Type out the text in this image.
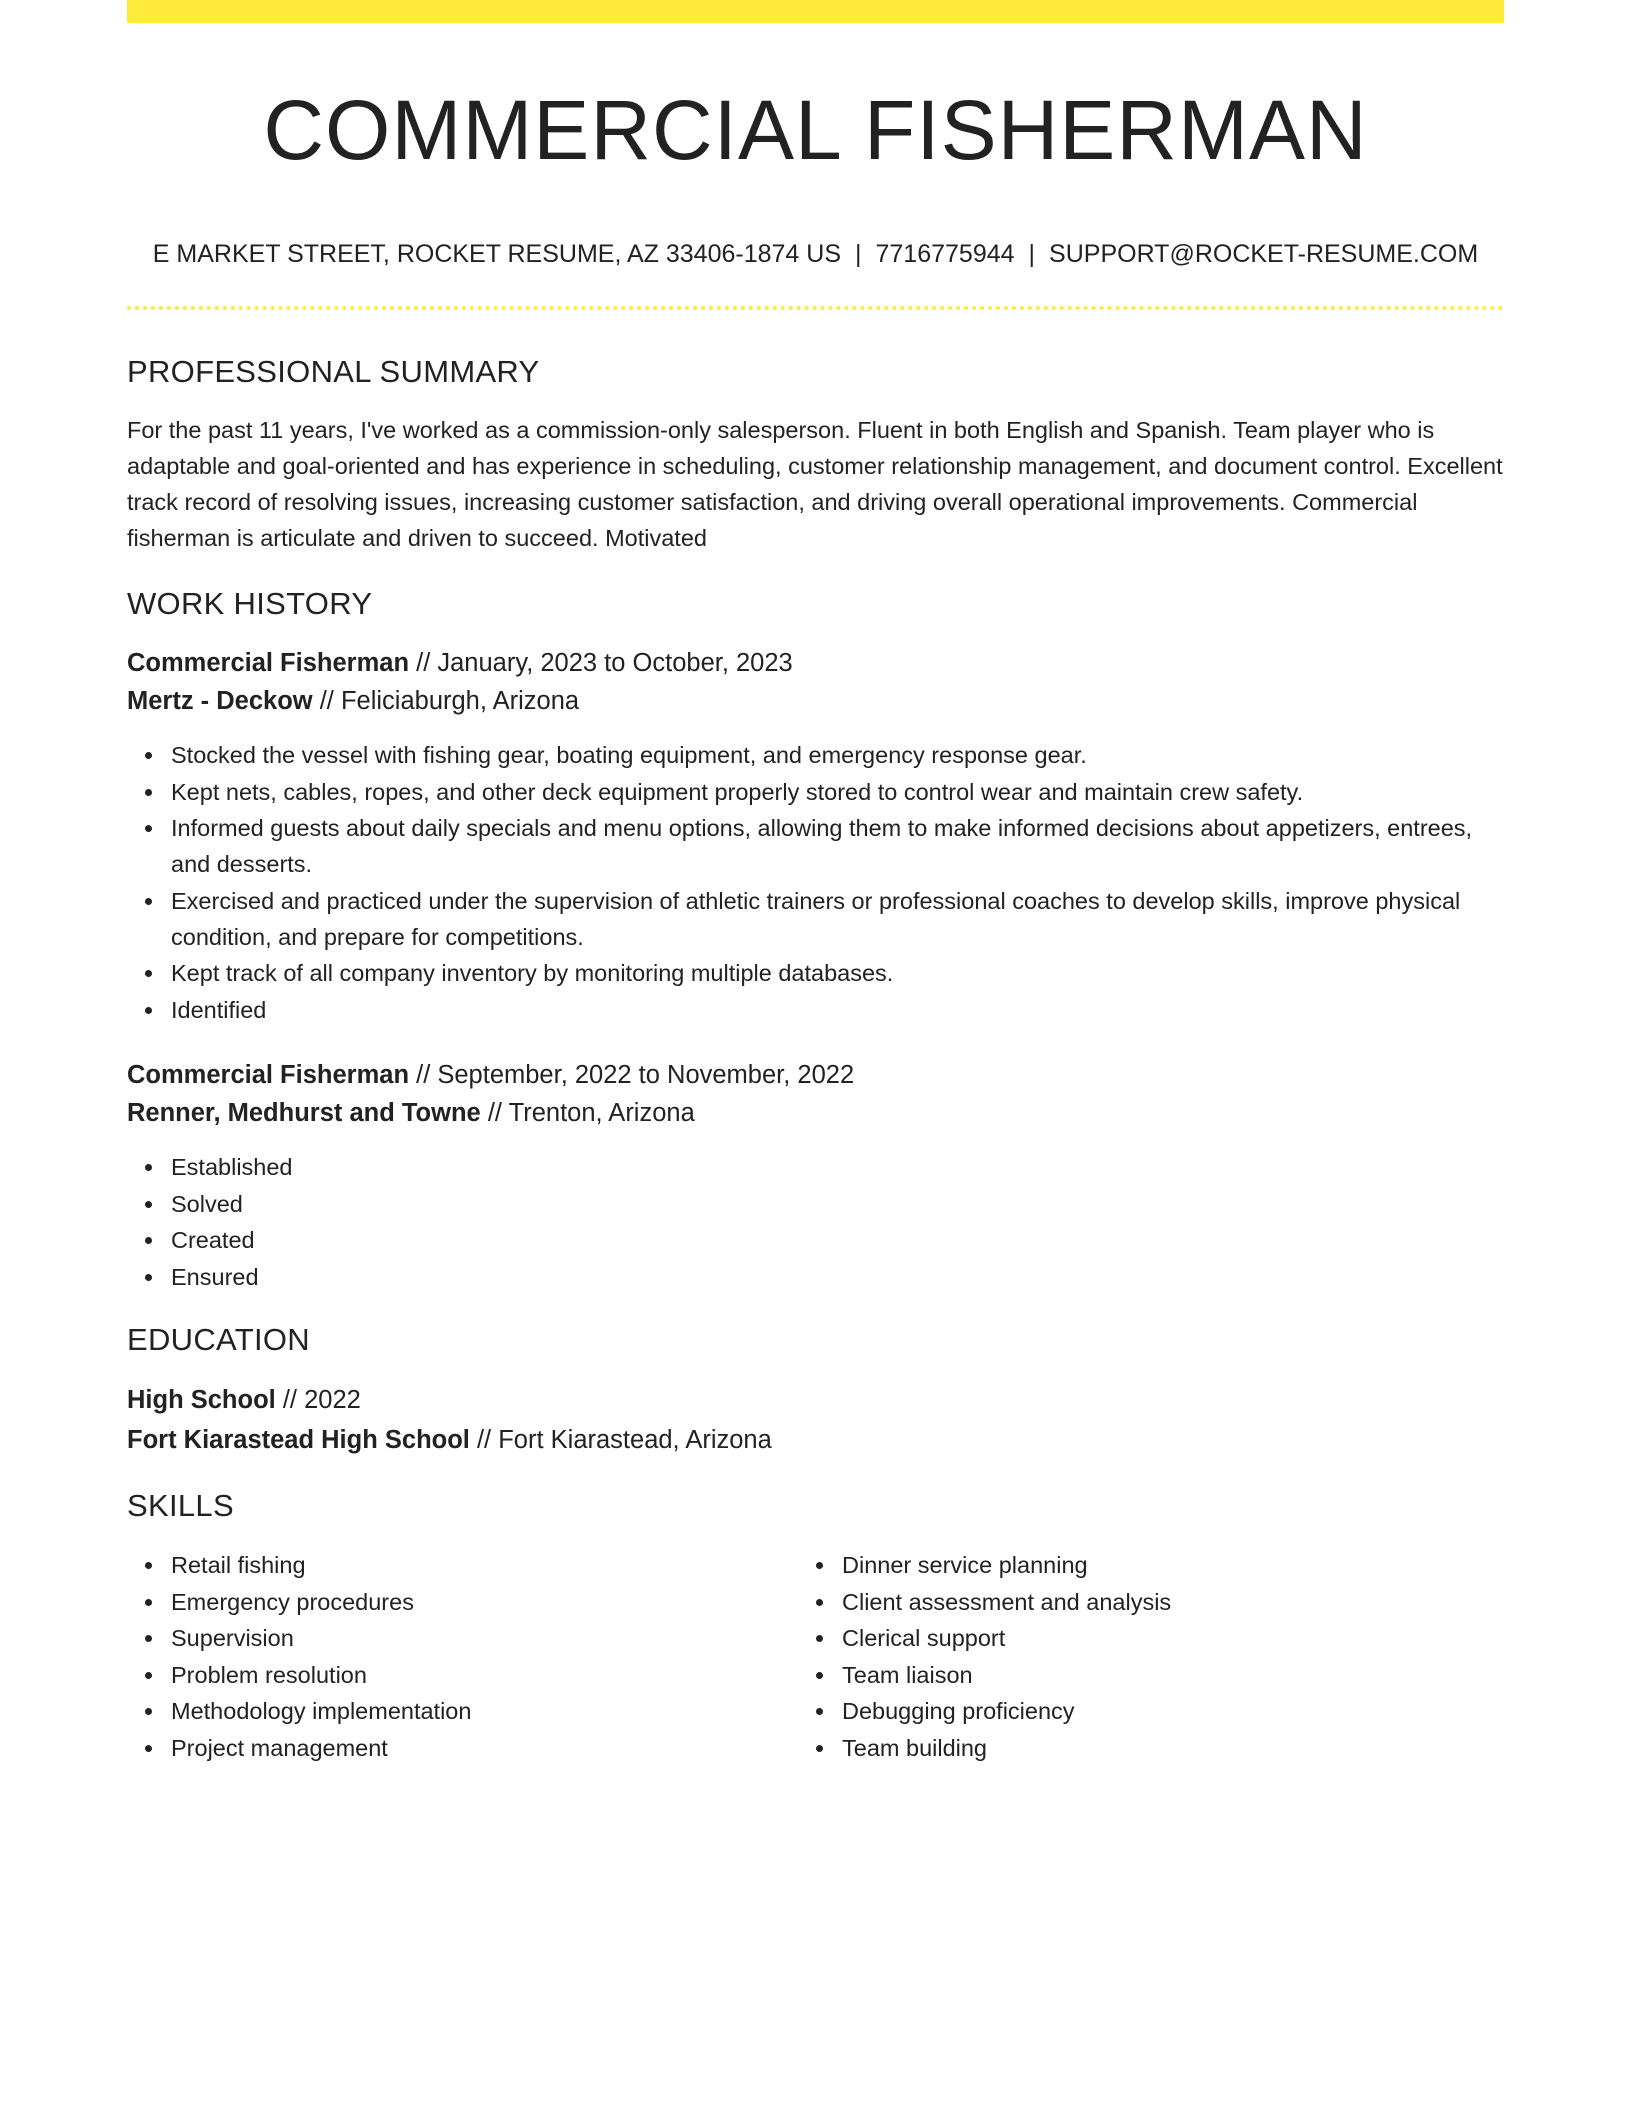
COMMERCIAL FISHERMAN
E MARKET STREET, ROCKET RESUME, AZ 33406-1874 US | 7716775944 | SUPPORT@ROCKET-RESUME.COM
PROFESSIONAL SUMMARY
For the past 11 years, I've worked as a commission-only salesperson. Fluent in both English and Spanish. Team player who is adaptable and goal-oriented and has experience in scheduling, customer relationship management, and document control. Excellent track record of resolving issues, increasing customer satisfaction, and driving overall operational improvements. Commercial fisherman is articulate and driven to succeed. Motivated
WORK HISTORY
Commercial Fisherman // January, 2023 to October, 2023
Mertz - Deckow // Feliciaburgh, Arizona
Stocked the vessel with fishing gear, boating equipment, and emergency response gear.
Kept nets, cables, ropes, and other deck equipment properly stored to control wear and maintain crew safety.
Informed guests about daily specials and menu options, allowing them to make informed decisions about appetizers, entrees, and desserts.
Exercised and practiced under the supervision of athletic trainers or professional coaches to develop skills, improve physical condition, and prepare for competitions.
Kept track of all company inventory by monitoring multiple databases.
Identified
Commercial Fisherman // September, 2022 to November, 2022
Renner, Medhurst and Towne // Trenton, Arizona
Established
Solved
Created
Ensured
EDUCATION
High School // 2022
Fort Kiarastead High School // Fort Kiarastead, Arizona
SKILLS
Retail fishing
Emergency procedures
Supervision
Problem resolution
Methodology implementation
Project management
Dinner service planning
Client assessment and analysis
Clerical support
Team liaison
Debugging proficiency
Team building
